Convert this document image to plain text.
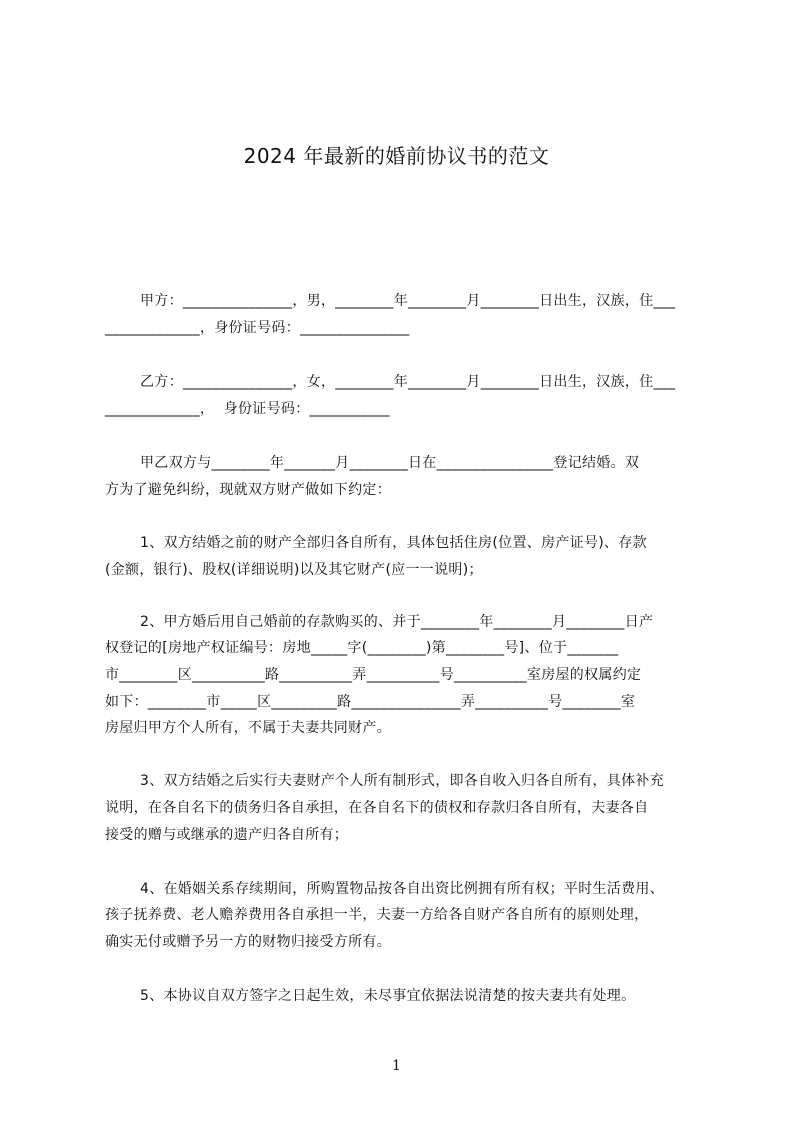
2024 年最新的婚前协议书的范文
甲方：_______________，男，________年________月________日出生，汉族，住___
_____________，身份证号码：_______________
乙方：_______________，女，________年________月________日出生，汉族，住___
_____________，  身份证号码：___________
甲乙双方与________年_______月________日在________________登记结婚。双
方为了避免纠纷，现就双方财产做如下约定：
1、双方结婚之前的财产全部归各自所有，具体包括住房(位置、房产证号)、存款
(金额，银行)、股权(详细说明)以及其它财产(应一一说明)；
2、甲方婚后用自己婚前的存款购买的、并于________年________月________日产
权登记的[房地产权证编号：房地_____字(________)第________号]、位于_______
市________区__________路__________弄__________号__________室房屋的权属约定
如下：________市_____区_________路_______________弄__________号________室
房屋归甲方个人所有，不属于夫妻共同财产。
3、双方结婚之后实行夫妻财产个人所有制形式，即各自收入归各自所有，具体补充
说明，在各自名下的债务归各自承担，在各自名下的债权和存款归各自所有，夫妻各自
接受的赠与或继承的遗产归各自所有；
4、在婚姻关系存续期间，所购置物品按各自出资比例拥有所有权；平时生活费用、
孩子抚养费、老人赡养费用各自承担一半，夫妻一方给各自财产各自所有的原则处理，
确实无付或赠予另一方的财物归接受方所有。
5、本协议自双方签字之日起生效，未尽事宜依据法说清楚的按夫妻共有处理。
1
